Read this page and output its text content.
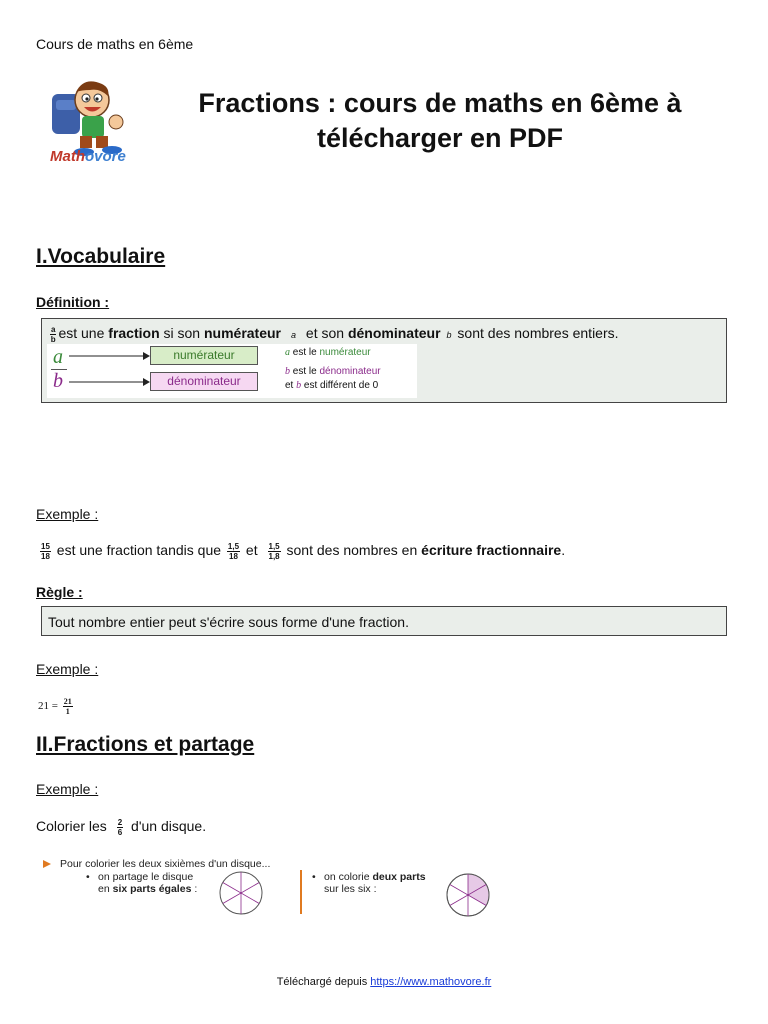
Cours de maths en 6ème
Mathovore
Fractions : cours de maths en 6ème à télécharger en PDF
I.Vocabulaire
Définition :
$\frac{a}{b}$ est une fraction si son numérateur a et son dénominateur b sont des nombres entiers.
a
b
numérateur
dénominateur
a est le numérateur
b est le dénominateur
et b est différent de 0
Exemple :
$\frac{15}{18}$ est une fraction tandis que $\frac{1,5}{18}$ et $\frac{1,5}{1,8}$ sont des nombres en écriture fractionnaire.
Règle :
Tout nombre entier peut s'écrire sous forme d'une fraction.
Exemple :
$21 = \frac{21}{1}$
II.Fractions et partage
Exemple :
Colorier les $\frac{2}{6} d'un$ disque.
Pour colorier les deux sixièmes d'un disque...
• on partage le disque
en six parts égales :
• on colorie deux parts
sur les six :
Téléchargé depuis https://www.mathovore.fr
